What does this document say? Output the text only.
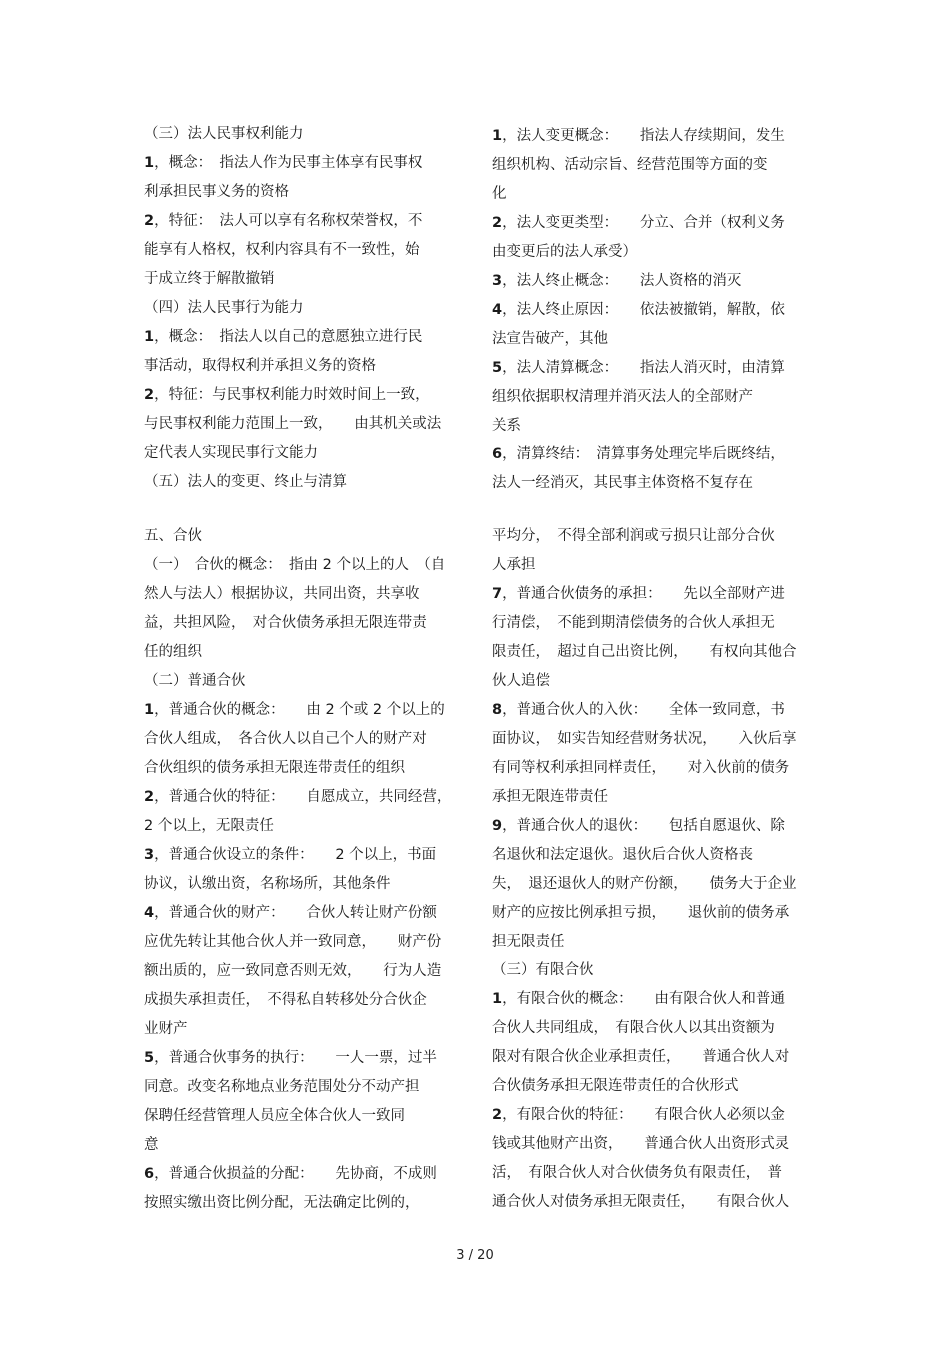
（三）法人民事权利能力
1，概念：　指法人作为民事主体享有民事权
利承担民事义务的资格
2，特征：　法人可以享有名称权荣誉权，不
能享有人格权，权利内容具有不一致性，始
于成立终于解散撤销
（四）法人民事行为能力
1，概念：　指法人以自己的意愿独立进行民
事活动，取得权利并承担义务的资格
2，特征：与民事权利能力时效时间上一致，
与民事权利能力范围上一致，　　由其机关或法
定代表人实现民事行文能力
（五）法人的变更、终止与清算
1，法人变更概念：　　指法人存续期间，发生
组织机构、活动宗旨、经营范围等方面的变
化
2，法人变更类型：　　分立、合并（权利义务
由变更后的法人承受）
3，法人终止概念：　　法人资格的消灭
4，法人终止原因：　　依法被撤销，解散，依
法宣告破产，其他
5，法人清算概念：　　指法人消灭时，由清算
组织依据职权清理并消灭法人的全部财产
关系
6，清算终结：　清算事务处理完毕后既终结，
法人一经消灭，其民事主体资格不复存在
五、合伙
（一）　合伙的概念：　指由 2 个以上的人　（自
然人与法人）根据协议，共同出资，共享收
益，共担风险，　对合伙债务承担无限连带责
任的组织
（二）普通合伙
1，普通合伙的概念：　　由 2 个或 2 个以上的
合伙人组成，　各合伙人以自己个人的财产对
合伙组织的债务承担无限连带责任的组织
2，普通合伙的特征：　　自愿成立，共同经营，
2 个以上，无限责任
3，普通合伙设立的条件：　　2 个以上，书面
协议，认缴出资，名称场所，其他条件
4，普通合伙的财产：　　合伙人转让财产份额
应优先转让其他合伙人并一致同意，　　财产份
额出质的，应一致同意否则无效，　　行为人造
成损失承担责任，　不得私自转移处分合伙企
业财产
5，普通合伙事务的执行：　　一人一票，过半
同意。改变名称地点业务范围处分不动产担
保聘任经营管理人员应全体合伙人一致同
意
6，普通合伙损益的分配：　　先协商，不成则
按照实缴出资比例分配，无法确定比例的，
平均分，　不得全部利润或亏损只让部分合伙
人承担
7，普通合伙债务的承担：　　先以全部财产进
行清偿，　不能到期清偿债务的合伙人承担无
限责任，　超过自己出资比例，　　有权向其他合
伙人追偿
8，普通合伙人的入伙：　　全体一致同意，书
面协议，　如实告知经营财务状况，　　入伙后享
有同等权利承担同样责任，　　对入伙前的债务
承担无限连带责任
9，普通合伙人的退伙：　　包括自愿退伙、除
名退伙和法定退伙。退伙后合伙人资格丧
失，　退还退伙人的财产份额，　　债务大于企业
财产的应按比例承担亏损，　　退伙前的债务承
担无限责任
（三）有限合伙
1，有限合伙的概念：　　由有限合伙人和普通
合伙人共同组成，　有限合伙人以其出资额为
限对有限合伙企业承担责任，　　普通合伙人对
合伙债务承担无限连带责任的合伙形式
2，有限合伙的特征：　　有限合伙人必须以金
钱或其他财产出资，　　普通合伙人出资形式灵
活，　有限合伙人对合伙债务负有限责任，　普
通合伙人对债务承担无限责任，　　有限合伙人
3 / 20
